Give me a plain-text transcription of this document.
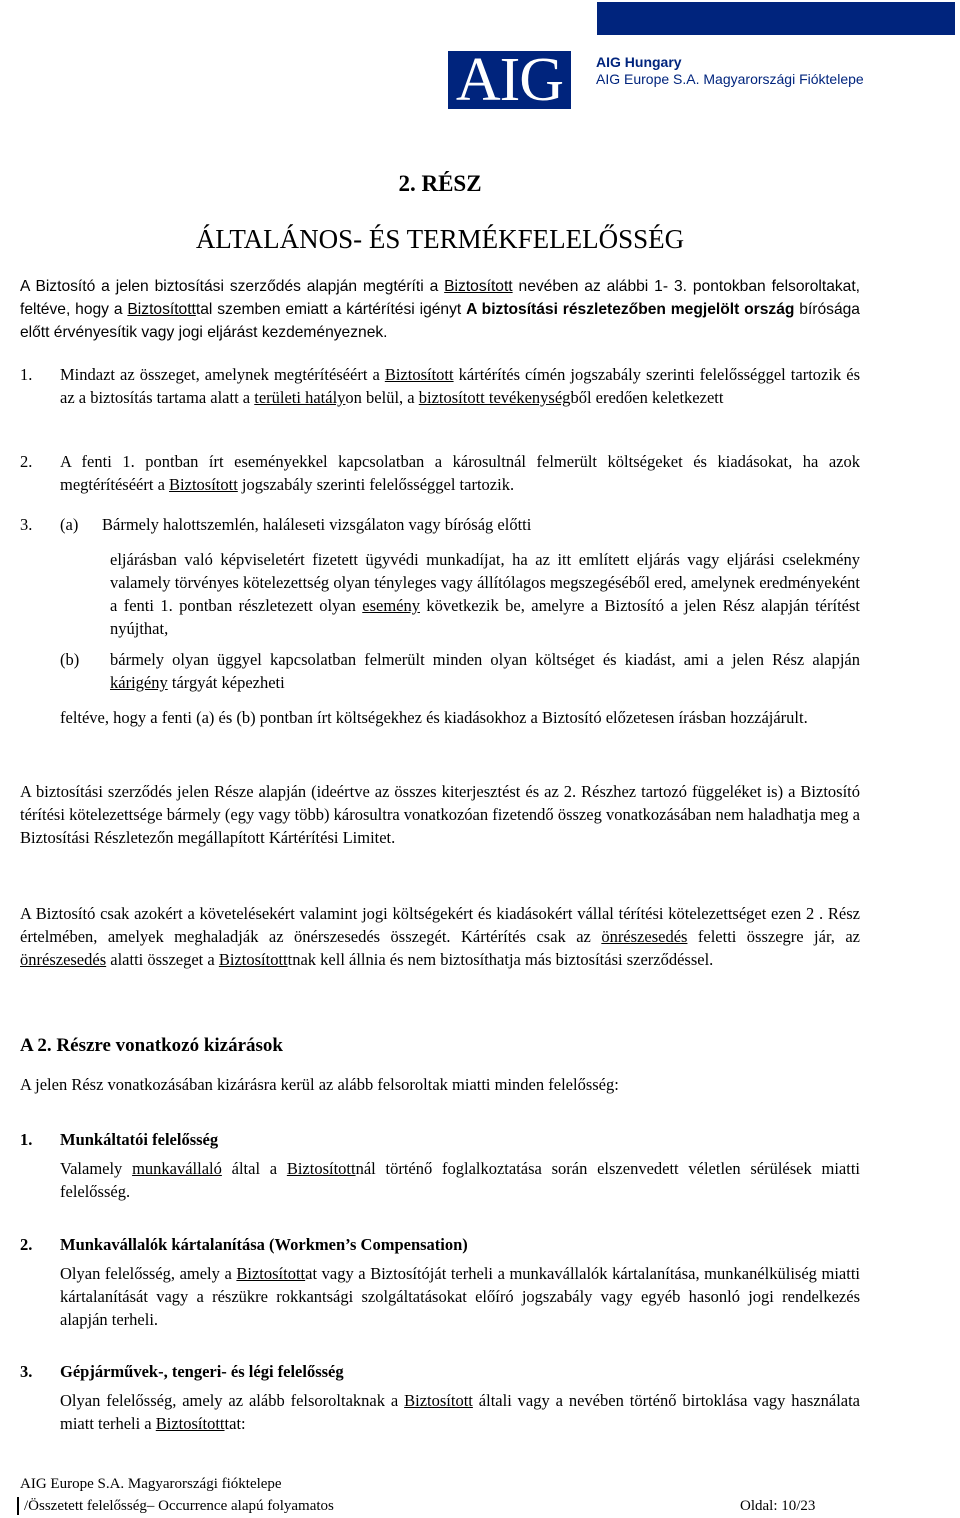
AIG	AIG Hungary
AIG Europe S.A. Magyarországi Fióktelepe
2. RÉSZ
ÁLTALÁNOS- ÉS TERMÉKFELELŐSSÉG

A Biztosító a jelen biztosítási szerződés alapján megtéríti a Biztosított nevében az alábbi 1- 3. pontokban felsoroltakat, feltéve, hogy a Biztosítotttal szemben emiatt a kártérítési igényt A biztosítási részletezőben megjelölt ország bírósága előtt érvényesítik vagy jogi eljárást kezdeményeznek.

1. Mindazt az összeget, amelynek megtérítéséért a Biztosított kártérítés címén jogszabály szerinti felelősséggel tartozik és az a biztosítás tartama alatt a területi hatályon belül, a biztosított tevékenységből eredően keletkezett

2. A fenti 1. pontban írt eseményekkel kapcsolatban a károsultnál felmerült költségeket és kiadásokat, ha azok megtérítéséért a Biztosított jogszabály szerinti felelősséggel tartozik.

3. (a) Bármely halottszemlén, haláleseti vizsgálaton vagy bíróság előtti

eljárásban való képviseletért fizetett ügyvédi munkadíjat, ha az itt említett eljárás vagy eljárási cselekmény valamely törvényes kötelezettség olyan tényleges vagy állítólagos megszegéséből ered, amelynek eredményeként a fenti 1. pontban részletezett olyan esemény következik be, amelyre a Biztosító a jelen Rész alapján térítést nyújthat,

(b) bármely olyan üggyel kapcsolatban felmerült minden olyan költséget és kiadást, ami a jelen Rész alapján kárigény tárgyát képezheti

feltéve, hogy a fenti (a) és (b) pontban írt költségekhez és kiadásokhoz a Biztosító előzetesen írásban hozzájárult.
A biztosítási szerződés jelen Része alapján (ideértve az összes kiterjesztést és az 2. Részhez tartozó függeléket is) a Biztosító térítési kötelezettsége bármely (egy vagy több) károsultra vonatkozóan fizetendő összeg vonatkozásában nem haladhatja meg a Biztosítási Részletezőn megállapított Kártérítési Limitet.

A Biztosító csak azokért a követelésekért valamint jogi költségekért és kiadásokért vállal térítési kötelezettséget ezen 2 . Rész értelmében, amelyek meghaladják az önérszesedés összegét. Kártérítés csak az önrészesedés feletti összegre jár, az önrészesedés alatti összeget a Biztosítotttnak kell állnia és nem biztosíthatja más biztosítási szerződéssel.

A 2. Részre vonatkozó kizárások
A jelen Rész vonatkozásában kizárásra kerül az alább felsoroltak miatti minden felelősség:
1. Munkáltatói felelősség

Valamely munkavállaló által a Biztosítottnál történő foglalkoztatása során elszenvedett véletlen sérülések miatti felelősség.

2. Munkavállalók kártalanítása (Workmen’s Compensation)

Olyan felelősség, amely a Biztosítottat vagy a Biztosítóját terheli a munkavállalók kártalanítása, munkanélküliség miatti kártalanítását vagy a részükre rokkantsági szolgáltatásokat előíró jogszabály vagy egyéb hasonló jogi rendelkezés alapján terheli.

3. Gépjárművek-, tengeri- és légi felelősség

Olyan felelősség, amely az alább felsoroltaknak a Biztosított általi vagy a nevében történő birtoklása vagy használata miatt terheli a Biztosítotttat:

AIG Europe S.A. Magyarországi fióktelepe
/Összetett felelősség– Occurrence alapú folyamatos	Oldal: 10/23
